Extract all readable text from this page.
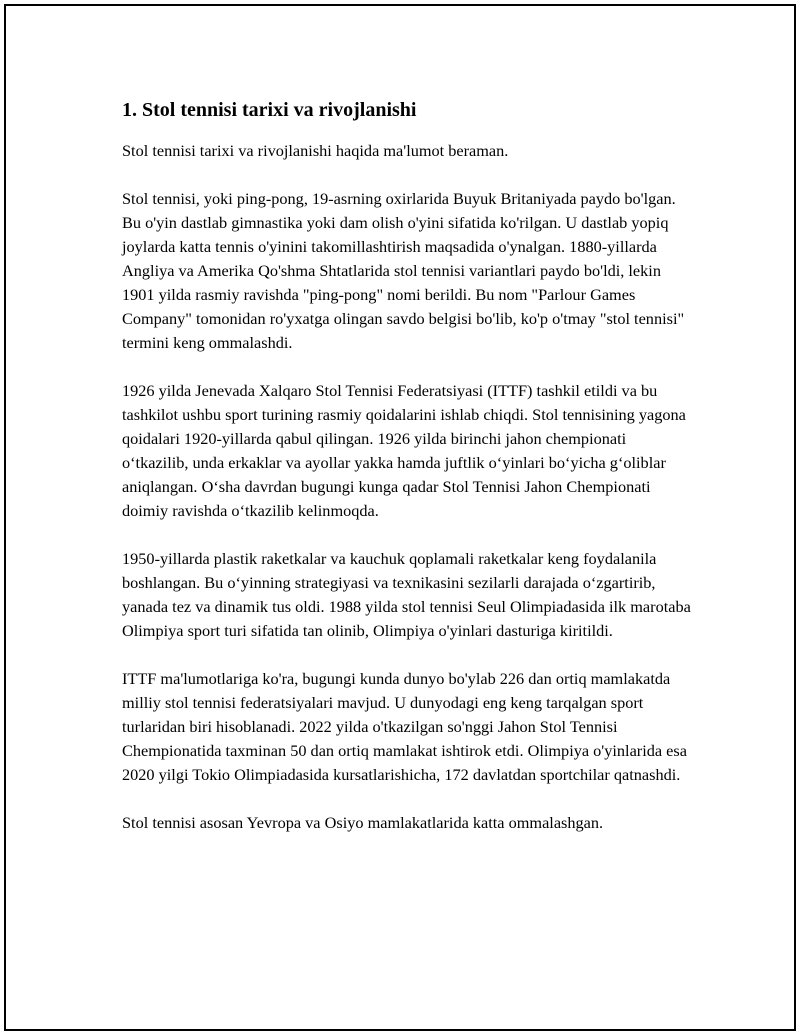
1. Stol tennisi tarixi va rivojlanishi

Stol tennisi tarixi va rivojlanishi haqida ma'lumot beraman.

Stol tennisi, yoki ping-pong, 19-asrning oxirlarida Buyuk Britaniyada paydo bo'lgan. Bu o'yin dastlab gimnastika yoki dam olish o'yini sifatida ko'rilgan. U dastlab yopiq joylarda katta tennis o'yinini takomillashtirish maqsadida o'ynalgan. 1880-yillarda Angliya va Amerika Qo'shma Shtatlarida stol tennisi variantlari paydo bo'ldi, lekin 1901 yilda rasmiy ravishda "ping-pong" nomi berildi. Bu nom "Parlour Games Company" tomonidan ro'yxatga olingan savdo belgisi bo'lib, ko'p o'tmay "stol tennisi" termini keng ommalashdi.

1926 yilda Jenevada Xalqaro Stol Tennisi Federatsiyasi (ITTF) tashkil etildi va bu tashkilot ushbu sport turining rasmiy qoidalarini ishlab chiqdi. Stol tennisining yagona qoidalari 1920-yillarda qabul qilingan. 1926 yilda birinchi jahon chempionati o‘tkazilib, unda erkaklar va ayollar yakka hamda juftlik o‘yinlari bo‘yicha g‘oliblar aniqlangan. O‘sha davrdan bugungi kunga qadar Stol Tennisi Jahon Chempionati doimiy ravishda o‘tkazilib kelinmoqda.

1950-yillarda plastik raketkalar va kauchuk qoplamali raketkalar keng foydalanila boshlangan. Bu o‘yinning strategiyasi va texnikasini sezilarli darajada o‘zgartirib, yanada tez va dinamik tus oldi. 1988 yilda stol tennisi Seul Olimpiadasida ilk marotaba Olimpiya sport turi sifatida tan olinib, Olimpiya o'yinlari dasturiga kiritildi.

ITTF ma'lumotlariga ko'ra, bugungi kunda dunyo bo'ylab 226 dan ortiq mamlakatda milliy stol tennisi federatsiyalari mavjud. U dunyodagi eng keng tarqalgan sport turlaridan biri hisoblanadi. 2022 yilda o'tkazilgan so'nggi Jahon Stol Tennisi Chempionatida taxminan 50 dan ortiq mamlakat ishtirok etdi. Olimpiya o'yinlarida esa 2020 yilgi Tokio Olimpiadasida kursatlarishicha, 172 davlatdan sportchilar qatnashdi.

Stol tennisi asosan Yevropa va Osiyo mamlakatlarida katta ommalashgan.
